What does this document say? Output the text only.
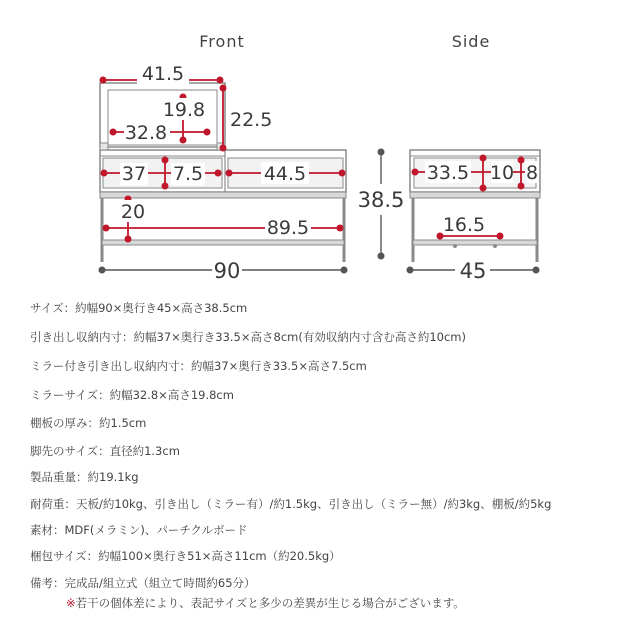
Front	Side
41.5
19.8 22.5
32.8
37 7.5	44.5
20
89.5
33.5 10 8
16.5
90
38.5
45
サイズ：約幅90×奥行き45×高さ38.5cm
引き出し収納内寸：約幅37×奥行き33.5×高さ8cm(有効収納内寸含む高さ約10cm)
ミラー付き引き出し収納内寸：約幅37×奥行き33.5×高さ7.5cm
ミラーサイズ：約幅32.8×高さ19.8cm
棚板の厚み：約1.5cm
脚先のサイズ：直径約1.3cm
製品重量：約19.1kg
耐荷重：天板/約10kg、引き出し（ミラー有）/約1.5kg、引き出し（ミラー無）/約3kg、棚板/約5kg
素材：MDF(メラミン)、パーチクルボード
梱包サイズ：約幅100×奥行き51×高さ11cm（約20.5kg）
備考：完成品/組立式（組立て時間約65分）
※若干の個体差により、表記サイズと多少の差異が生じる場合がございます。
